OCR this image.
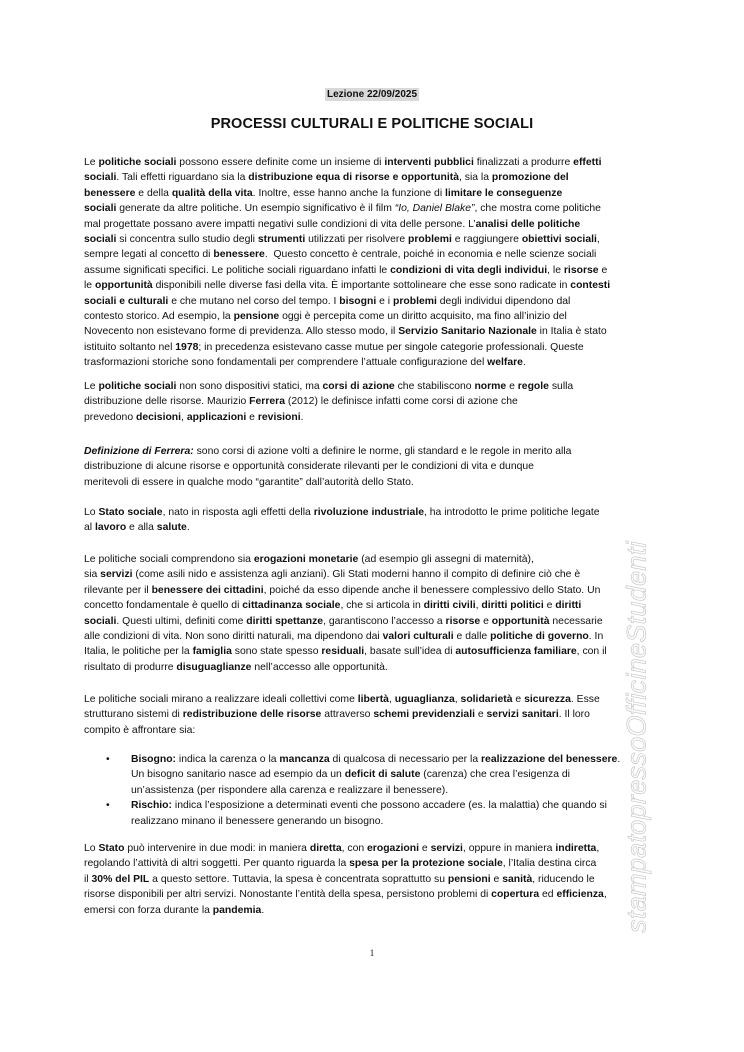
Lezione 22/09/2025
PROCESSI CULTURALI E POLITICHE SOCIALI
Le politiche sociali possono essere definite come un insieme di interventi pubblici finalizzati a produrre effetti
sociali. Tali effetti riguardano sia la distribuzione equa di risorse e opportunità, sia la promozione del
benessere e della qualità della vita. Inoltre, esse hanno anche la funzione di limitare le conseguenze
sociali generate da altre politiche. Un esempio significativo è il film “Io, Daniel Blake”, che mostra come politiche
mal progettate possano avere impatti negativi sulle condizioni di vita delle persone. L’analisi delle politiche
sociali si concentra sullo studio degli strumenti utilizzati per risolvere problemi e raggiungere obiettivi sociali,
sempre legati al concetto di benessere.  Questo concetto è centrale, poiché in economia e nelle scienze sociali
assume significati specifici. Le politiche sociali riguardano infatti le condizioni di vita degli individui, le risorse e
le opportunità disponibili nelle diverse fasi della vita. È importante sottolineare che esse sono radicate in contesti
sociali e culturali e che mutano nel corso del tempo. I bisogni e i problemi degli individui dipendono dal
contesto storico. Ad esempio, la pensione oggi è percepita come un diritto acquisito, ma fino all’inizio del
Novecento non esistevano forme di previdenza. Allo stesso modo, il Servizio Sanitario Nazionale in Italia è stato
istituito soltanto nel 1978; in precedenza esistevano casse mutue per singole categorie professionali. Queste
trasformazioni storiche sono fondamentali per comprendere l’attuale configurazione del welfare.
Le politiche sociali non sono dispositivi statici, ma corsi di azione che stabiliscono norme e regole sulla
distribuzione delle risorse. Maurizio Ferrera (2012) le definisce infatti come corsi di azione che
prevedono decisioni, applicazioni e revisioni.
Definizione di Ferrera: sono corsi di azione volti a definire le norme, gli standard e le regole in merito alla
distribuzione di alcune risorse e opportunità considerate rilevanti per le condizioni di vita e dunque
meritevoli di essere in qualche modo “garantite” dall’autorità dello Stato.
Lo Stato sociale, nato in risposta agli effetti della rivoluzione industriale, ha introdotto le prime politiche legate
al lavoro e alla salute.
Le politiche sociali comprendono sia erogazioni monetarie (ad esempio gli assegni di maternità),
sia servizi (come asili nido e assistenza agli anziani). Gli Stati moderni hanno il compito di definire ciò che è
rilevante per il benessere dei cittadini, poiché da esso dipende anche il benessere complessivo dello Stato. Un
concetto fondamentale è quello di cittadinanza sociale, che si articola in diritti civili, diritti politici e diritti
sociali. Questi ultimi, definiti come diritti spettanze, garantiscono l’accesso a risorse e opportunità necessarie
alle condizioni di vita. Non sono diritti naturali, ma dipendono dai valori culturali e dalle politiche di governo. In
Italia, le politiche per la famiglia sono state spesso residuali, basate sull’idea di autosufficienza familiare, con il
risultato di produrre disuguaglianze nell’accesso alle opportunità.
Le politiche sociali mirano a realizzare ideali collettivi come libertà, uguaglianza, solidarietà e sicurezza. Esse
strutturano sistemi di redistribuzione delle risorse attraverso schemi previdenziali e servizi sanitari. Il loro
compito è affrontare sia:
• Bisogno: indica la carenza o la mancanza di qualcosa di necessario per la realizzazione del benessere.
Un bisogno sanitario nasce ad esempio da un deficit di salute (carenza) che crea l’esigenza di
un’assistenza (per rispondere alla carenza e realizzare il benessere).
• Rischio: indica l’esposizione a determinati eventi che possono accadere (es. la malattia) che quando si
realizzano minano il benessere generando un bisogno.
Lo Stato può intervenire in due modi: in maniera diretta, con erogazioni e servizi, oppure in maniera indiretta,
regolando l’attività di altri soggetti. Per quanto riguarda la spesa per la protezione sociale, l’Italia destina circa
il 30% del PIL a questo settore. Tuttavia, la spesa è concentrata soprattutto su pensioni e sanità, riducendo le
risorse disponibili per altri servizi. Nonostante l’entità della spesa, persistono problemi di copertura ed efficienza,
emersi con forza durante la pandemia.
1
stampatopressoOfficineStudenti
